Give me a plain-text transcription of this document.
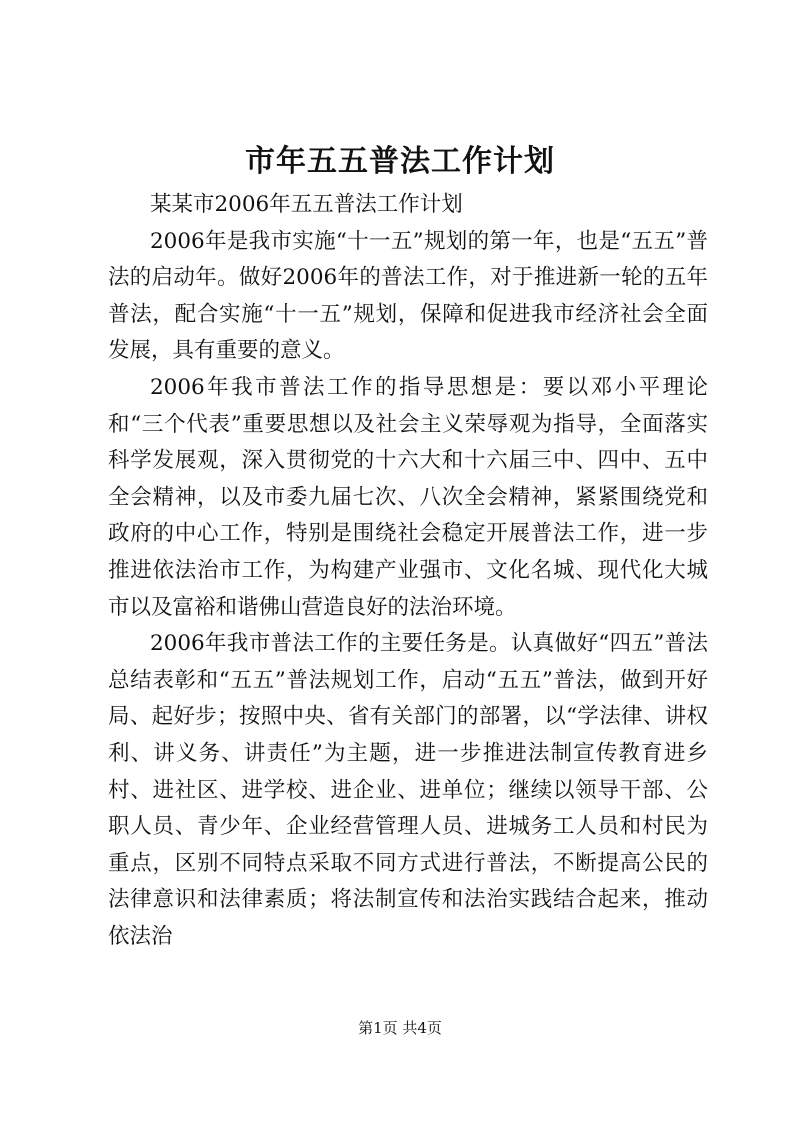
市年五五普法工作计划

某某市2006年五五普法工作计划

2006年是我市实施“十一五”规划的第一年，也是“五五”普法的启动年。做好2006年的普法工作，对于推进新一轮的五年普法，配合实施“十一五”规划，保障和促进我市经济社会全面发展，具有重要的意义。

2006年我市普法工作的指导思想是：要以邓小平理论和“三个代表”重要思想以及社会主义荣辱观为指导，全面落实科学发展观，深入贯彻党的十六大和十六届三中、四中、五中全会精神，以及市委九届七次、八次全会精神，紧紧围绕党和政府的中心工作，特别是围绕社会稳定开展普法工作，进一步推进依法治市工作，为构建产业强市、文化名城、现代化大城市以及富裕和谐佛山营造良好的法治环境。

2006年我市普法工作的主要任务是。认真做好“四五”普法总结表彰和“五五”普法规划工作，启动“五五”普法，做到开好局、起好步；按照中央、省有关部门的部署，以“学法律、讲权利、讲义务、讲责任”为主题，进一步推进法制宣传教育进乡村、进社区、进学校、进企业、进单位；继续以领导干部、公职人员、青少年、企业经营管理人员、进城务工人员和村民为重点，区别不同特点采取不同方式进行普法，不断提高公民的法律意识和法律素质；将法制宣传和法治实践结合起来，推动依法治

第1页 共4页
